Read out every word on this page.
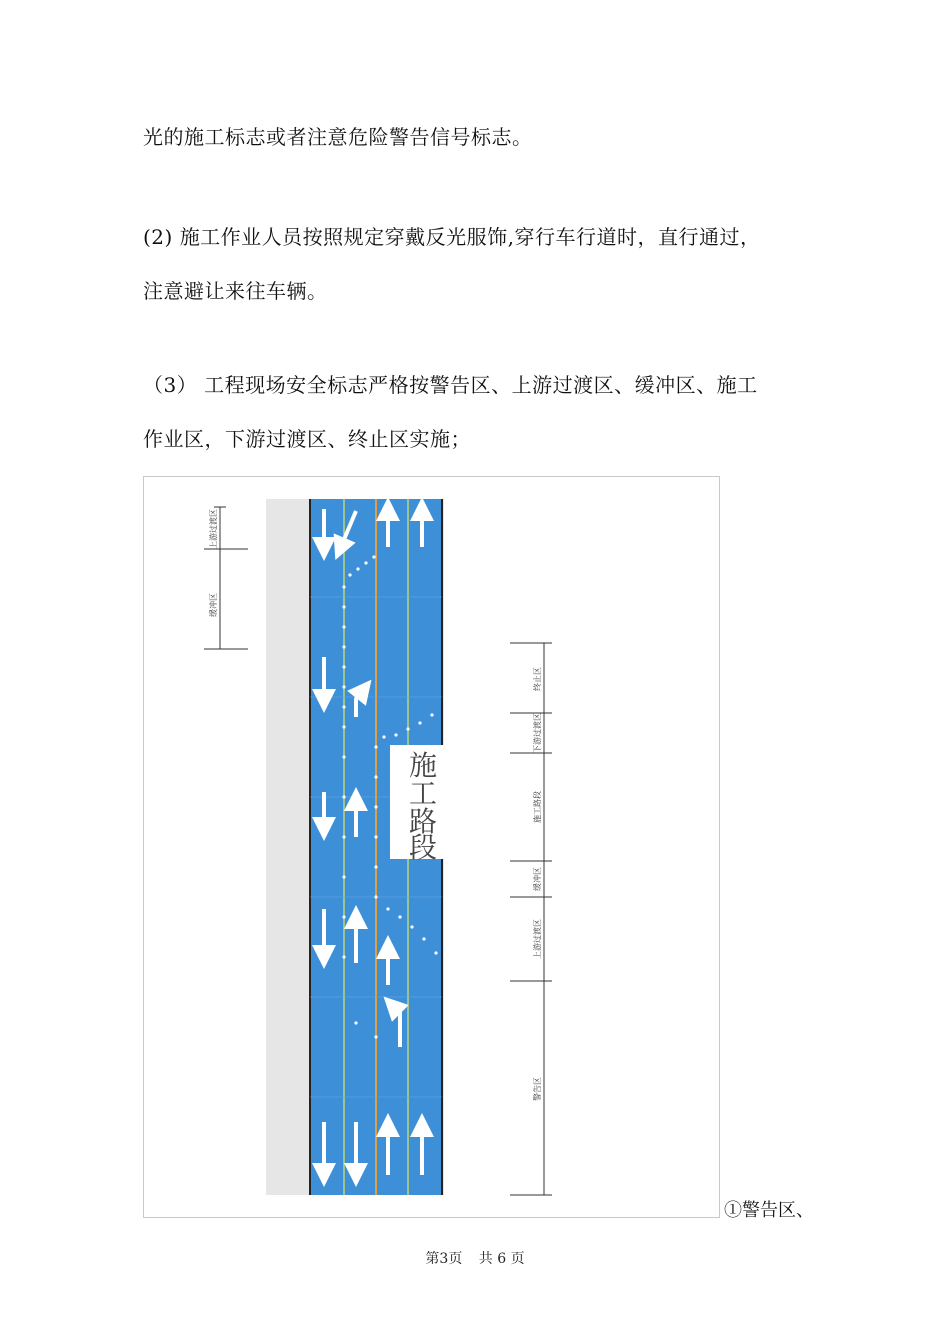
光的施工标志或者注意危险警告信号标志。

(2) 施工作业人员按照规定穿戴反光服饰,穿行车行道时，直行通过，
注意避让来往车辆。

（3） 工程现场安全标志严格按警告区、上游过渡区、缓冲区、施工
作业区，下游过渡区、终止区实施；

施
工
路
段
上游过渡区
缓冲区
终止区
下游过渡区
施工路段
缓冲区
上游过渡区
警告区
①警告区、
第3页 共 6 页
